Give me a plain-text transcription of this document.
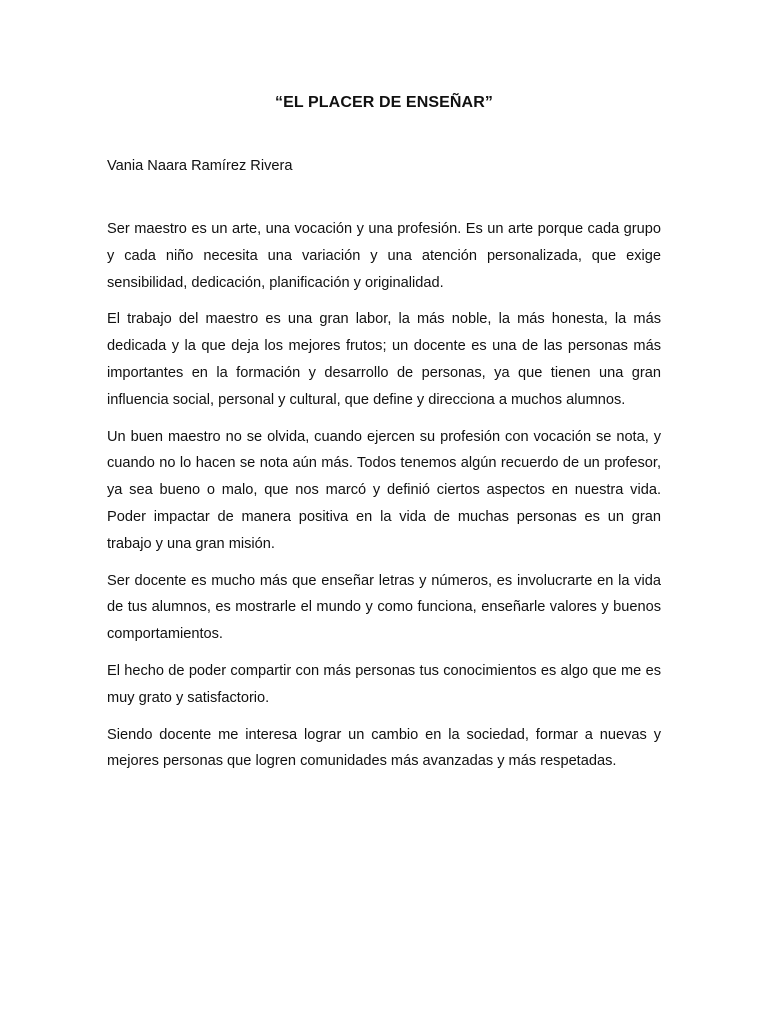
“EL PLACER DE ENSEÑAR”

Vania Naara Ramírez Rivera

Ser maestro es un arte, una vocación y una profesión. Es un arte porque cada grupo y cada niño necesita una variación y una atención personalizada, que exige sensibilidad, dedicación, planificación y originalidad.

El trabajo del maestro es una gran labor, la más noble, la más honesta, la más dedicada y la que deja los mejores frutos; un docente es una de las personas más importantes en la formación y desarrollo de personas, ya que tienen una gran influencia social, personal y cultural, que define y direcciona a muchos alumnos.

Un buen maestro no se olvida, cuando ejercen su profesión con vocación se nota, y cuando no lo hacen se nota aún más. Todos tenemos algún recuerdo de un profesor, ya sea bueno o malo, que nos marcó y definió ciertos aspectos en nuestra vida. Poder impactar de manera positiva en la vida de muchas personas es un gran trabajo y una gran misión.

Ser docente es mucho más que enseñar letras y números, es involucrarte en la vida de tus alumnos, es mostrarle el mundo y como funciona, enseñarle valores y buenos comportamientos.

El hecho de poder compartir con más personas tus conocimientos es algo que me es muy grato y satisfactorio.

Siendo docente me interesa lograr un cambio en la sociedad, formar a nuevas y mejores personas que logren comunidades más avanzadas y más respetadas.
